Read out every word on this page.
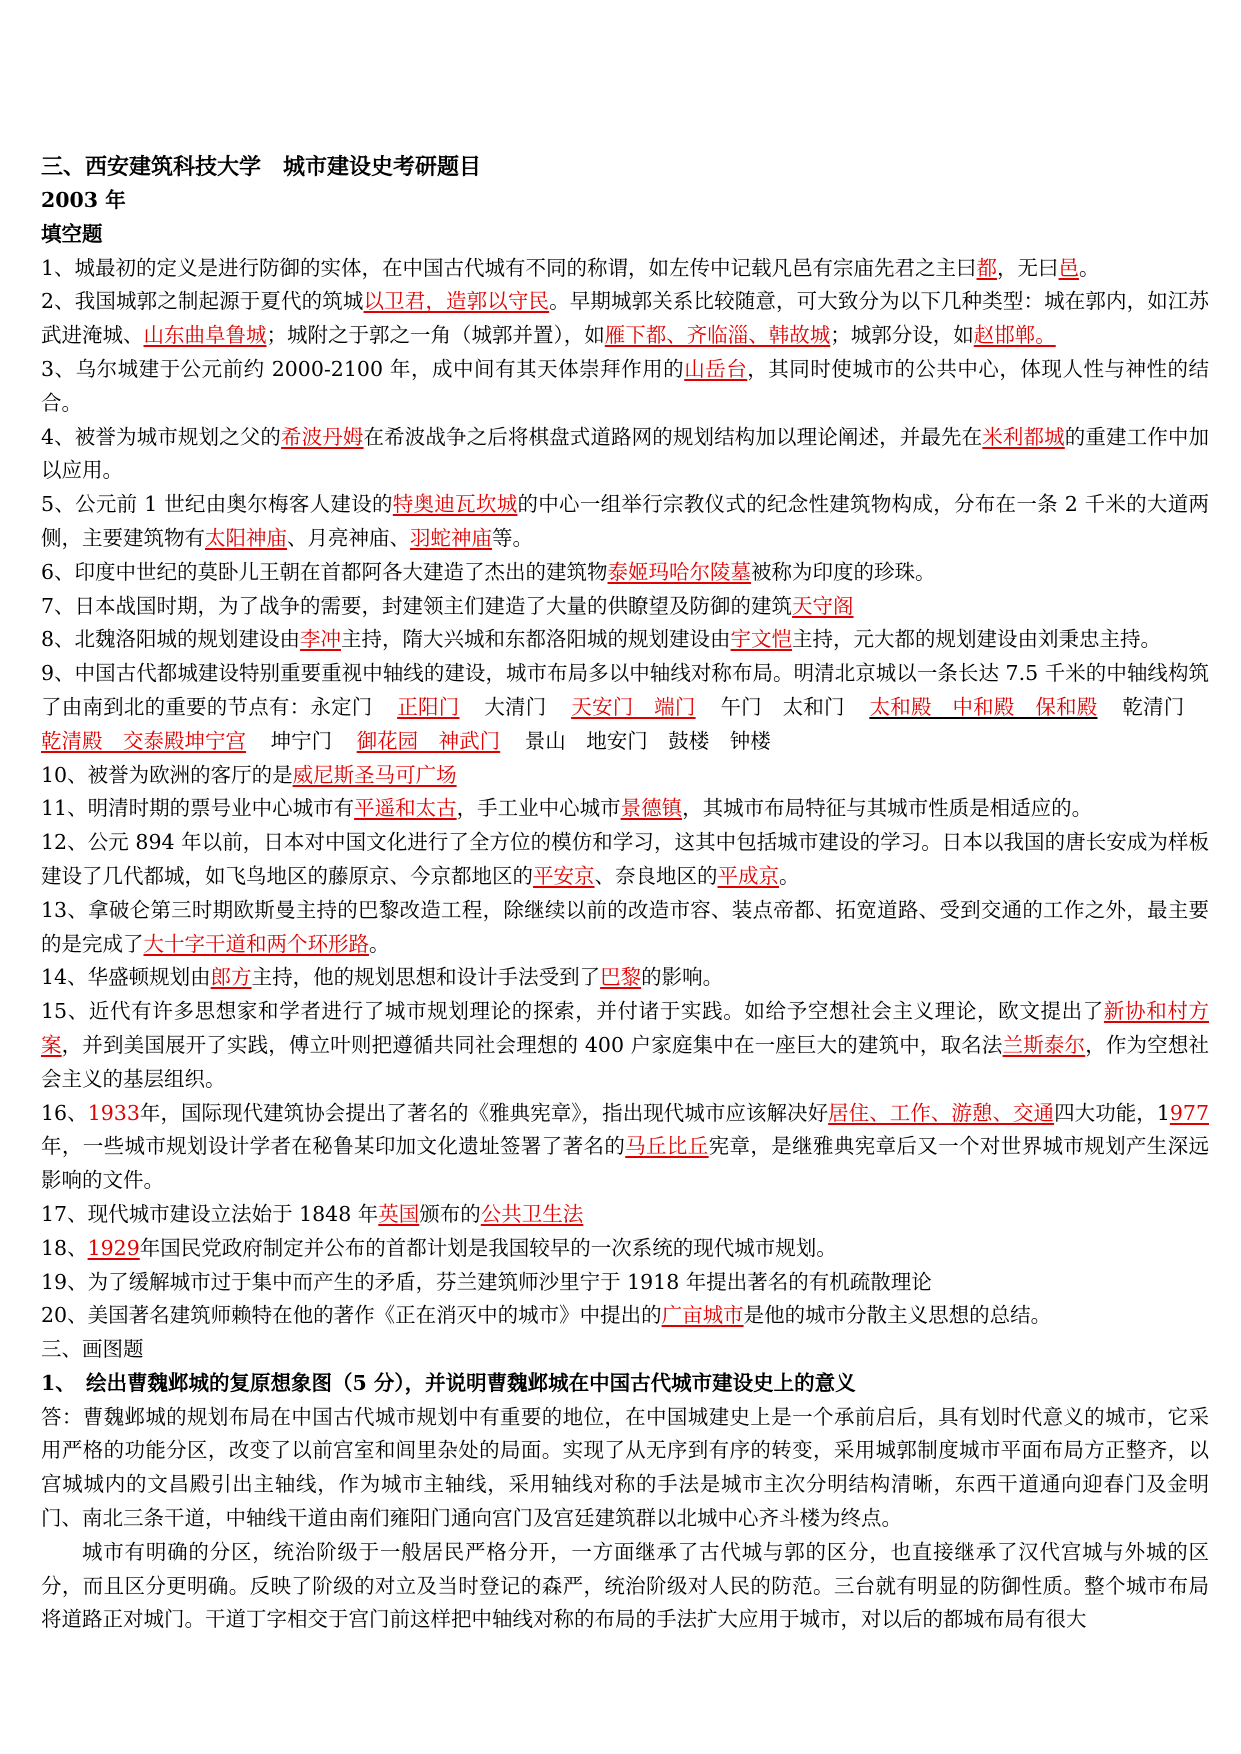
三、西安建筑科技大学　城市建设史考研题目
2003 年
填空题

1、城最初的定义是进行防御的实体，在中国古代城有不同的称谓，如左传中记载凡邑有宗庙先君之主曰都，无曰邑。

2、我国城郭之制起源于夏代的筑城以卫君，造郭以守民。早期城郭关系比较随意，可大致分为以下几种类型：城在郭内，如江苏武进淹城、山东曲阜鲁城；城附之于郭之一角（城郭并置），如雁下都、齐临淄、韩故城；城郭分设，如赵邯郸。

3、乌尔城建于公元前约 2000-2100 年，成中间有其天体崇拜作用的山岳台，其同时使城市的公共中心，体现人性与神性的结合。

4、被誉为城市规划之父的希波丹姆在希波战争之后将棋盘式道路网的规划结构加以理论阐述，并最先在米利都城的重建工作中加以应用。

5、公元前 1 世纪由奥尔梅客人建设的特奥迪瓦坎城的中心一组举行宗教仪式的纪念性建筑物构成，分布在一条 2 千米的大道两侧，主要建筑物有太阳神庙、月亮神庙、羽蛇神庙等。

6、印度中世纪的莫卧儿王朝在首都阿各大建造了杰出的建筑物泰姬玛哈尔陵墓被称为印度的珍珠。

7、日本战国时期，为了战争的需要，封建领主们建造了大量的供瞭望及防御的建筑天守阁

8、北魏洛阳城的规划建设由李冲主持，隋大兴城和东都洛阳城的规划建设由宇文恺主持，元大都的规划建设由刘秉忠主持。

9、中国古代都城建设特别重要重视中轴线的建设，城市布局多以中轴线对称布局。明清北京城以一条长达 7.5 千米的中轴线构筑了由南到北的重要的节点有：永定门 正阳门 大清门 天安门　端门 午门　太和门 太和殿　中和殿　保和殿 乾清门乾清殿　交泰殿坤宁宫 坤宁门 御花园　神武门 景山　地安门　鼓楼　钟楼

10、被誉为欧洲的客厅的是威尼斯圣马可广场

11、明清时期的票号业中心城市有平遥和太古，手工业中心城市景德镇，其城市布局特征与其城市性质是相适应的。

12、公元 894 年以前，日本对中国文化进行了全方位的模仿和学习，这其中包括城市建设的学习。日本以我国的唐长安成为样板建设了几代都城，如飞鸟地区的藤原京、今京都地区的平安京、奈良地区的平成京。

13、拿破仑第三时期欧斯曼主持的巴黎改造工程，除继续以前的改造市容、装点帝都、拓宽道路、受到交通的工作之外，最主要的是完成了大十字干道和两个环形路。

14、华盛顿规划由郎方主持，他的规划思想和设计手法受到了巴黎的影响。

15、近代有许多思想家和学者进行了城市规划理论的探索，并付诸于实践。如给予空想社会主义理论，欧文提出了新协和村方案，并到美国展开了实践，傅立叶则把遵循共同社会理想的 400 户家庭集中在一座巨大的建筑中，取名法兰斯泰尔，作为空想社会主义的基层组织。

16、1933年，国际现代建筑协会提出了著名的《雅典宪章》，指出现代城市应该解决好居住、工作、游憩、交通四大功能，1977年，一些城市规划设计学者在秘鲁某印加文化遗址签署了著名的马丘比丘宪章，是继雅典宪章后又一个对世界城市规划产生深远影响的文件。

17、现代城市建设立法始于 1848 年英国颁布的公共卫生法

18、1929年国民党政府制定并公布的首都计划是我国较早的一次系统的现代城市规划。

19、为了缓解城市过于集中而产生的矛盾，芬兰建筑师沙里宁于 1918 年提出著名的有机疏散理论

20、美国著名建筑师赖特在他的著作《正在消灭中的城市》中提出的广亩城市是他的城市分散主义思想的总结。

三、画图题
1、　绘出曹魏邺城的复原想象图（5 分），并说明曹魏邺城在中国古代城市建设史上的意义

答：曹魏邺城的规划布局在中国古代城市规划中有重要的地位，在中国城建史上是一个承前启后，具有划时代意义的城市，它采用严格的功能分区，改变了以前宫室和闾里杂处的局面。实现了从无序到有序的转变，采用城郭制度城市平面布局方正整齐，以宫城城内的文昌殿引出主轴线，作为城市主轴线，采用轴线对称的手法是城市主次分明结构清晰，东西干道通向迎春门及金明门、南北三条干道，中轴线干道由南们雍阳门通向宫门及宫廷建筑群以北城中心齐斗楼为终点。

城市有明确的分区，统治阶级于一般居民严格分开，一方面继承了古代城与郭的区分，也直接继承了汉代宫城与外城的区分，而且区分更明确。反映了阶级的对立及当时登记的森严，统治阶级对人民的防范。三台就有明显的防御性质。整个城市布局将道路正对城门。干道丁字相交于宫门前这样把中轴线对称的布局的手法扩大应用于城市，对以后的都城布局有很大
